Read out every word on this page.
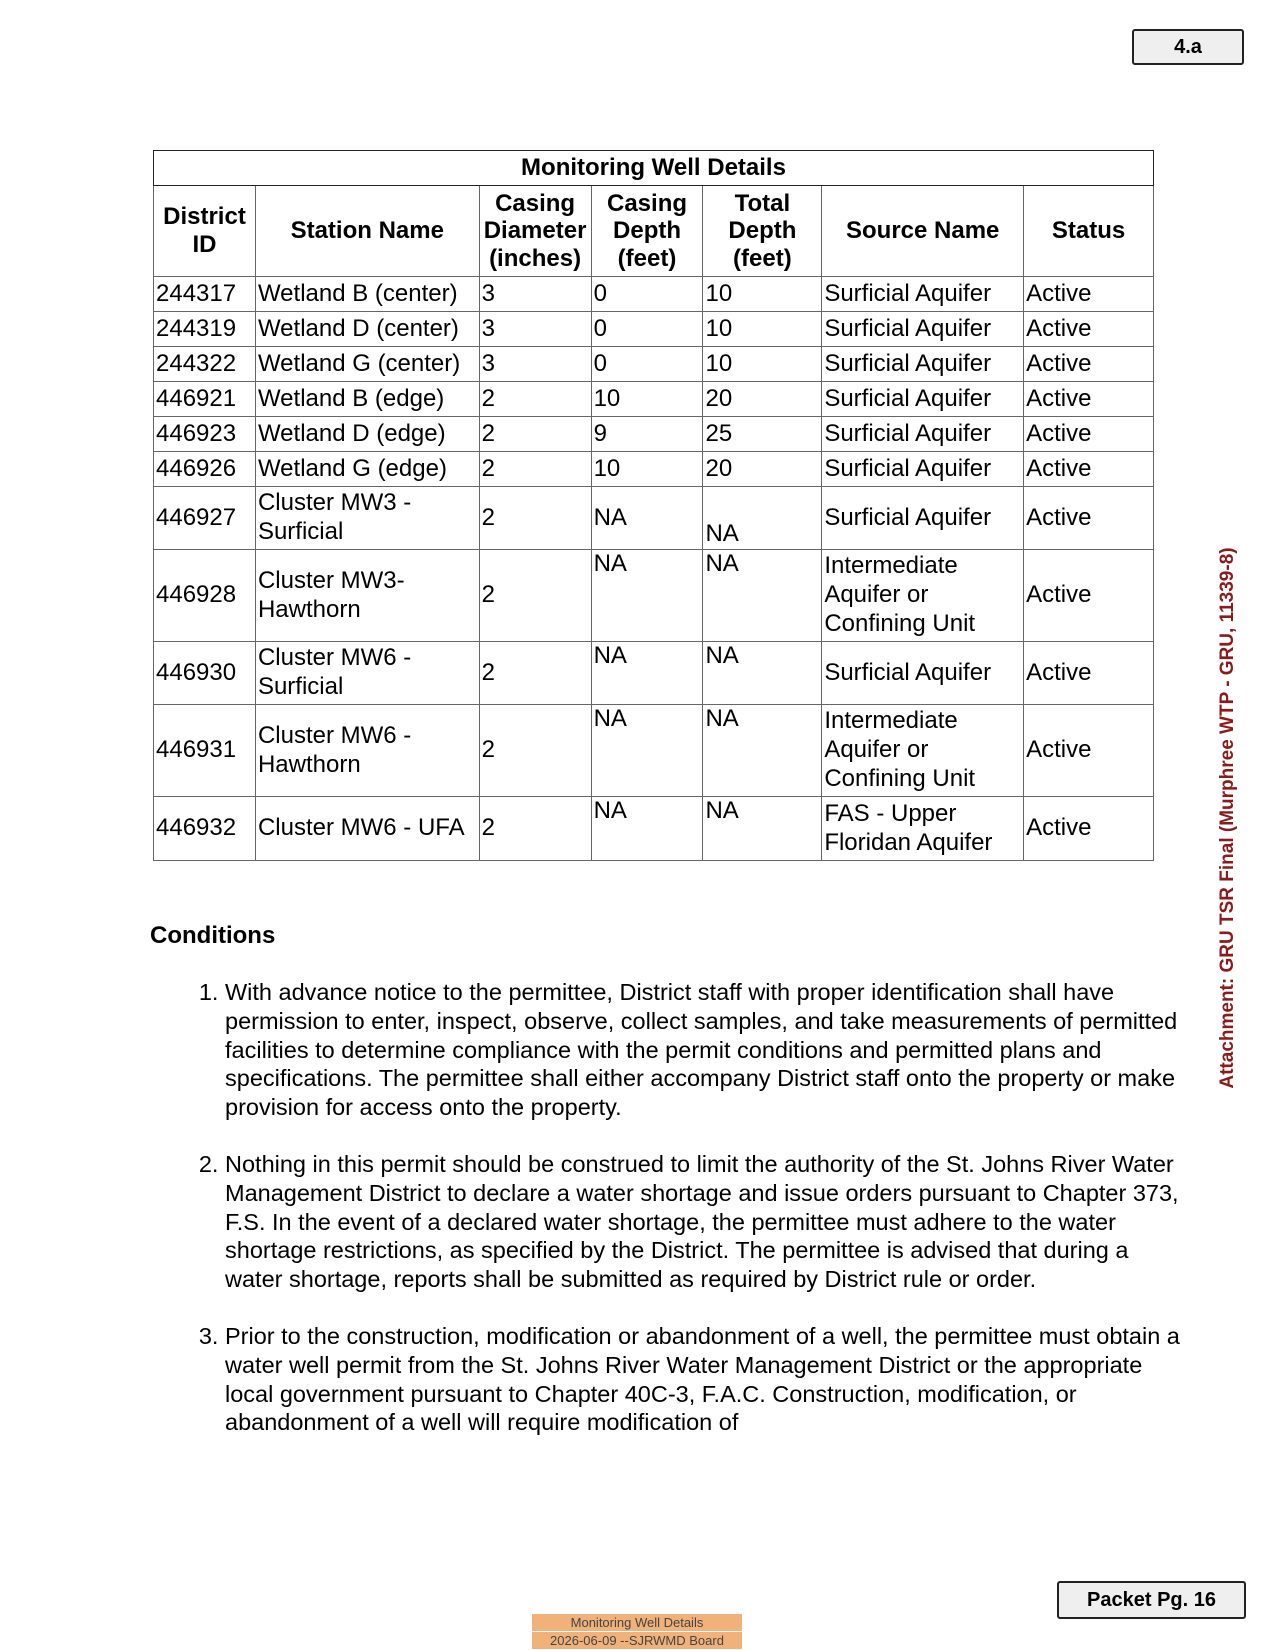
4.a
Attachment: GRU TSR Final (Murphree WTP - GRU, 11339-8)
Monitoring Well Details						
District ID	Station Name	Casing Diameter (inches)	Casing Depth (feet)	Total Depth (feet)	Source Name	Status
244317	Wetland B (center)	3	0	10	Surficial Aquifer	Active
244319	Wetland D (center)	3	0	10	Surficial Aquifer	Active
244322	Wetland G (center)	3	0	10	Surficial Aquifer	Active
446921	Wetland B (edge)	2	10	20	Surficial Aquifer	Active
446923	Wetland D (edge)	2	9	25	Surficial Aquifer	Active
446926	Wetland G (edge)	2	10	20	Surficial Aquifer	Active
446927	Cluster MW3 - Surficial	2	NA	NA	Surficial Aquifer	Active
446928	Cluster MW3- Hawthorn	2	NA	NA	Intermediate Aquifer or Confining Unit	Active
446930	Cluster MW6 - Surficial	2	NA	NA	Surficial Aquifer	Active
446931	Cluster MW6 - Hawthorn	2	NA	NA	Intermediate Aquifer or Confining Unit	Active
446932	Cluster MW6 - UFA	2	NA	NA	FAS - Upper Floridan Aquifer	Active
Conditions
1. With advance notice to the permittee, District staff with proper identification shall have permission to enter, inspect, observe, collect samples, and take measurements of permitted facilities to determine compliance with the permit conditions and permitted plans and specifications. The permittee shall either accompany District staff onto the property or make provision for access onto the property.
2. Nothing in this permit should be construed to limit the authority of the St. Johns River Water Management District to declare a water shortage and issue orders pursuant to Chapter 373, F.S. In the event of a declared water shortage, the permittee must adhere to the water shortage restrictions, as specified by the District. The permittee is advised that during a water shortage, reports shall be submitted as required by District rule or order.
3. Prior to the construction, modification or abandonment of a well, the permittee must obtain a water well permit from the St. Johns River Water Management District or the appropriate local government pursuant to Chapter 40C-3, F.A.C. Construction, modification, or abandonment of a well will require modification of
Packet Pg. 16
Monitoring Well Details
2026-06-09 --SJRWMD Board
